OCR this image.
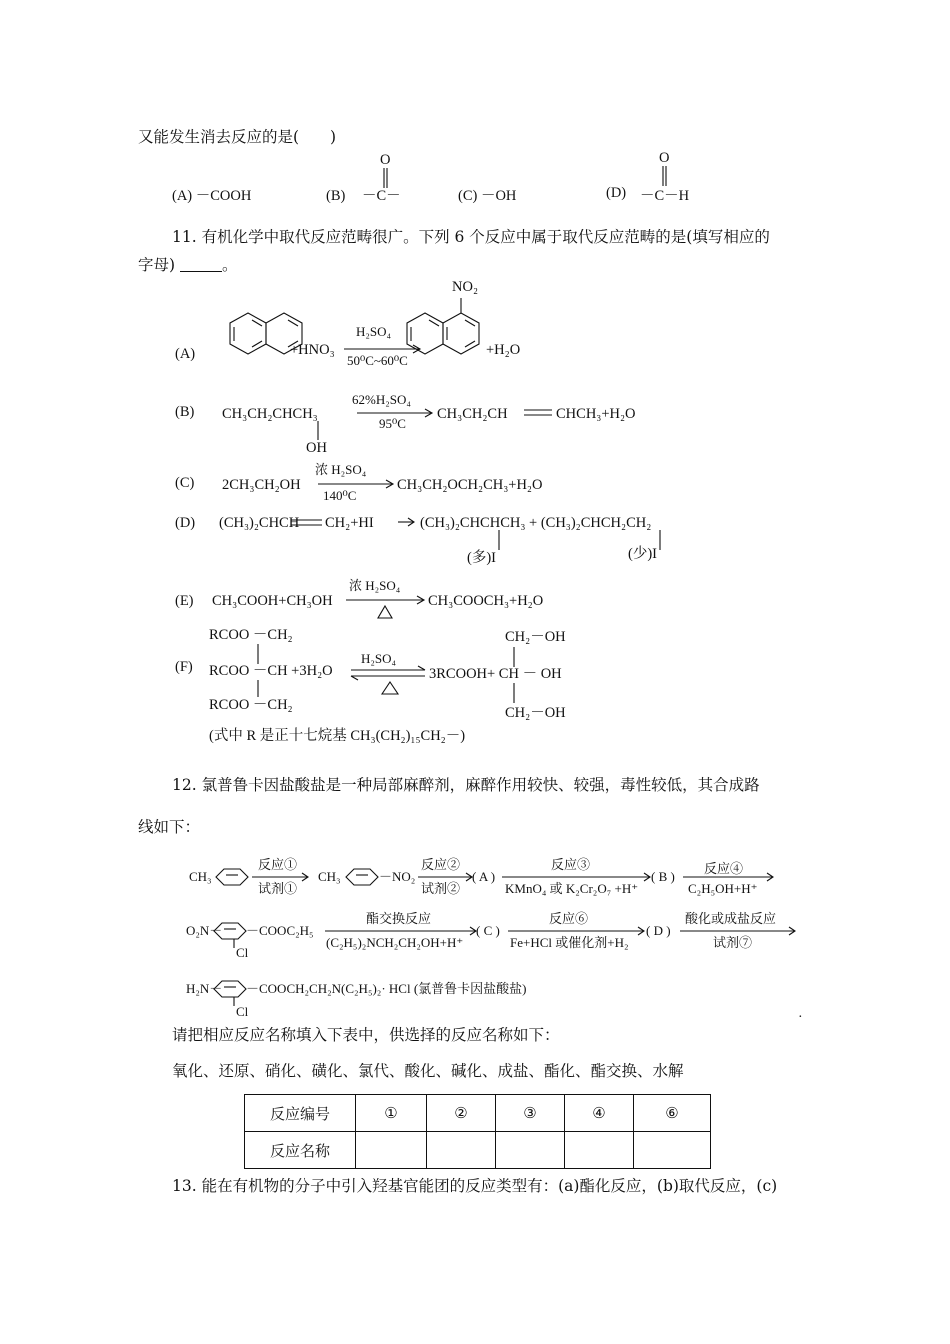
又能发生消去反应的是(　　)
(A) －COOH	(B)
O
－C－	(C) －OH	(D)
O
－C－H
11. 有机化学中取代反应范畴很广。下列 6 个反应中属于取代反应范畴的是(填写相应的
字母)	。
(A)	+HNO₃
H₂SO₄
50⁰C~60⁰C
NO₂
+H₂O
(B) CH₃CH₂CHCH₃
OH
62%H₂SO₄
95⁰C
CH₃CH₂CH	CHCH₃+H₂O
(C) 2CH₃CH₂OH
浓 H₂SO₄
140⁰C
CH₃CH₂OCH₂CH₃+H₂O
(D) (CH₃)₂CHCH CH₂+HI	(CH₃)₂CHCHCH₃ + (CH₃)₂CHCH₂CH₂
(多)I	(少)I
(E) CH₃COOH+CH₃OH
浓 H₂SO₄
CH₃COOCH₃+H₂O
(F)
RCOO －CH₂
RCOO －CH +3H₂O
RCOO －CH₂
H₂SO₄
3RCOOH+ CH － OH
CH₂－OH
CH₂－OH
(式中 R 是正十七烷基 CH₃(CH₂)₁₅CH₂－)
12. 氯普鲁卡因盐酸盐是一种局部麻醉剂，麻醉作用较快、较强，毒性较低，其合成路
线如下：
CH₃
反应①
试剂①
CH₃	－NO₂
反应②
试剂②
( A )
反应③
KMnO₄ 或 K₂Cr₂O₇ +H⁺
( B )
反应④
C₂H₅OH+H⁺
O₂N－ －COOC₂H₅
Cl
酯交换反应
(C₂H₅)₂NCH₂CH₂OH+H⁺
( C )
反应⑥
Fe+HCl 或催化剂+H₂
( D )
酸化或成盐反应
试剂⑦
H₂N－ －COOCH₂CH₂N(C₂H₅)₂· HCl (氯普鲁卡因盐酸盐)
Cl	·
请把相应反应名称填入下表中，供选择的反应名称如下：
氧化、还原、硝化、磺化、氯代、酸化、碱化、成盐、酯化、酯交换、水解
反应编号	①	②	③	④	⑥
反应名称					
13. 能在有机物的分子中引入羟基官能团的反应类型有：(a)酯化反应，(b)取代反应，(c)
